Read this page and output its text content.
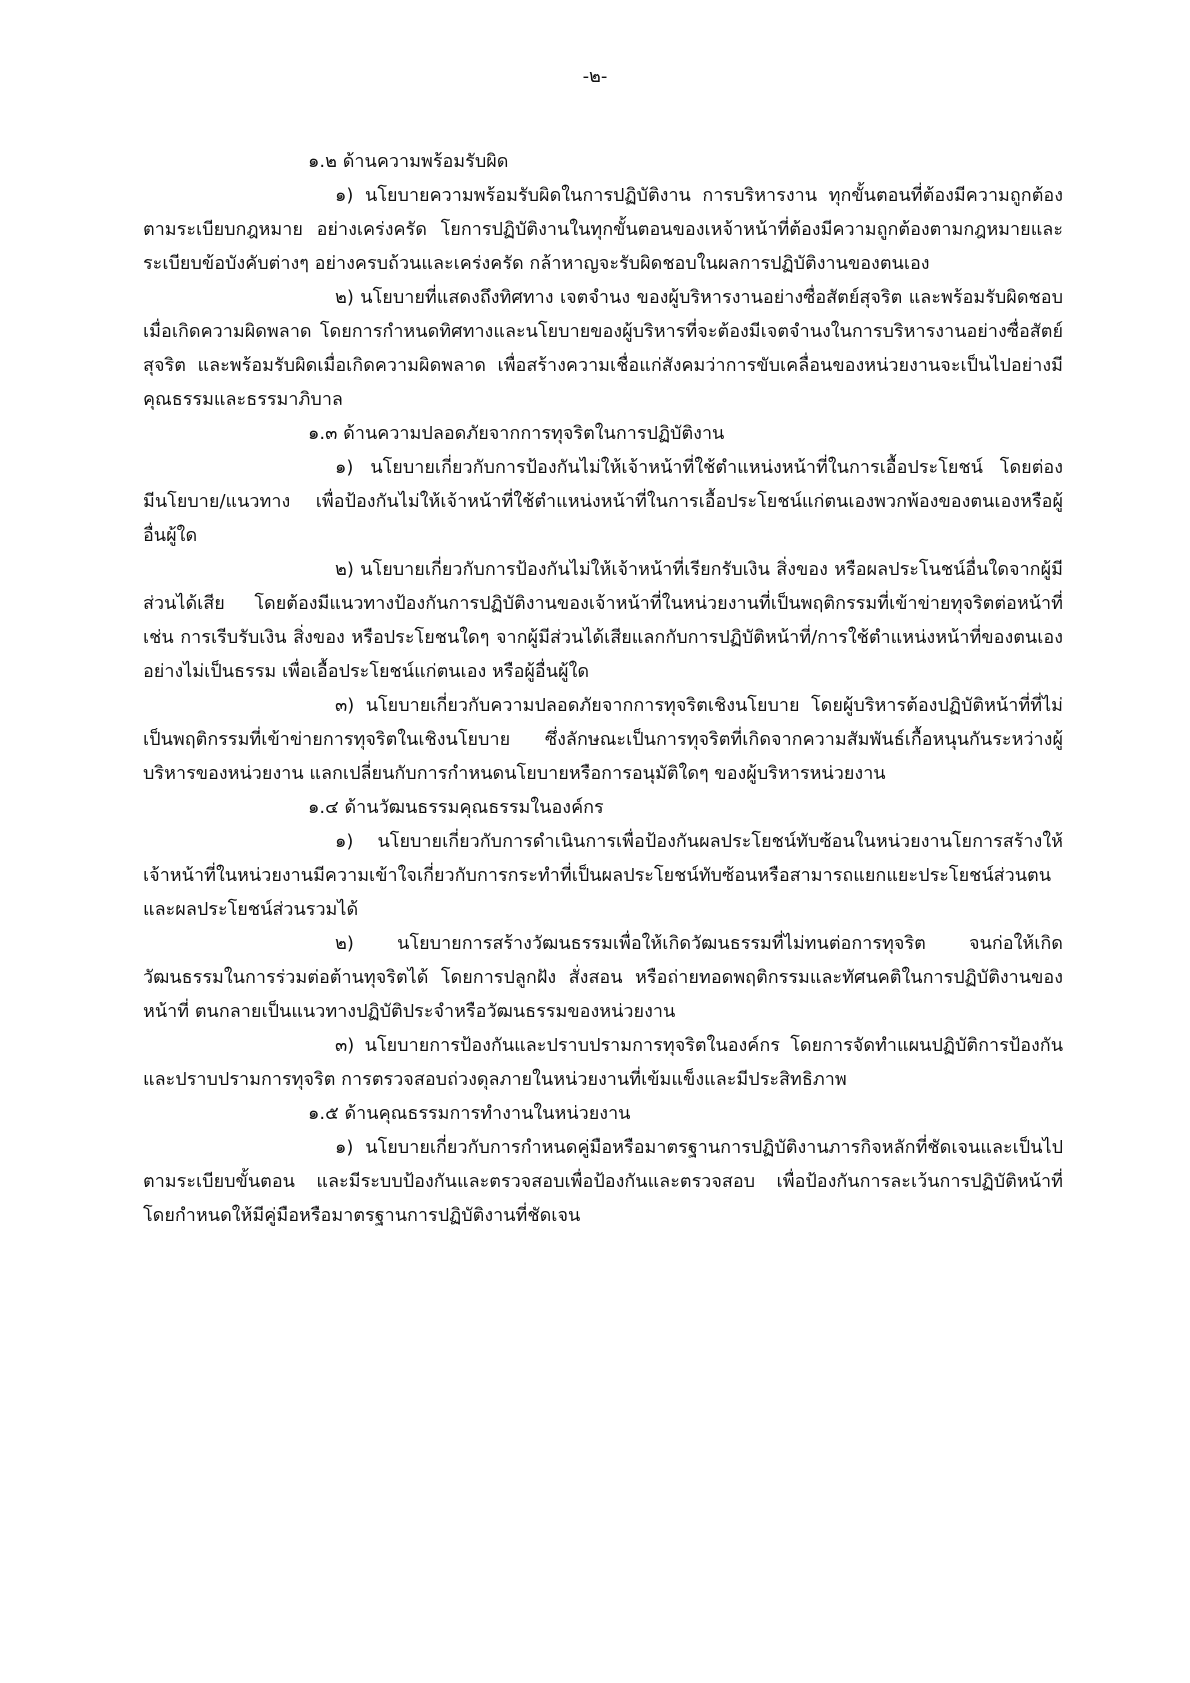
-๒-

๑.๒ ด้านความพร้อมรับผิด

๑) นโยบายความพร้อมรับผิดในการปฏิบัติงาน การบริหารงาน ทุกขั้นตอนที่ต้องมีความถูกต้อง ตามระเบียบกฎหมาย อย่างเคร่งครัด โยการปฏิบัติงานในทุกขั้นตอนของเหจ้าหน้าที่ต้องมีความถูกต้องตามกฎหมายและระเบียบข้อบังคับต่างๆ อย่างครบถ้วนและเคร่งครัด กล้าหาญจะรับผิดชอบในผลการปฏิบัติงานของตนเอง

๒) นโยบายที่แสดงถึงทิศทาง เจตจำนง ของผู้บริหารงานอย่างซื่อสัตย์สุจริต และพร้อมรับผิดชอบเมื่อเกิดความผิดพลาด โดยการกำหนดทิศทางและนโยบายของผู้บริหารที่จะต้องมีเจตจำนงในการบริหารงานอย่างซื่อสัตย์สุจริต และพร้อมรับผิดเมื่อเกิดความผิดพลาด เพื่อสร้างความเชื่อแก่สังคมว่าการขับเคลื่อนของหน่วยงานจะเป็นไปอย่างมีคุณธรรมและธรรมาภิบาล

๑.๓ ด้านความปลอดภัยจากการทุจริตในการปฏิบัติงาน

๑) นโยบายเกี่ยวกับการป้องกันไม่ให้เจ้าหน้าที่ใช้ตำแหน่งหน้าที่ในการเอื้อประโยชน์ โดยต่องมีนโยบาย/แนวทาง เพื่อป้องกันไม่ให้เจ้าหน้าที่ใช้ตำแหน่งหน้าที่ในการเอื้อประโยชน์แก่ตนเองพวกพ้องของตนเองหรือผู้อื่นผู้ใด

๒) นโยบายเกี่ยวกับการป้องกันไม่ให้เจ้าหน้าที่เรียกรับเงิน สิ่งของ หรือผลประโนชน์อื่นใดจากผู้มีส่วนได้เสีย โดยต้องมีแนวทางป้องกันการปฏิบัติงานของเจ้าหน้าที่ในหน่วยงานที่เป็นพฤติกรรมที่เข้าข่ายทุจริตต่อหน้าที่ เช่น การเรีบรับเงิน สิ่งของ หรือประโยชนใดๆ จากผู้มีส่วนได้เสียแลกกับการปฏิบัติหน้าที่/การใช้ตำแหน่งหน้าที่ของตนเองอย่างไม่เป็นธรรม เพื่อเอื้อประโยชน์แก่ตนเอง หรือผู้อื่นผู้ใด

๓) นโยบายเกี่ยวกับความปลอดภัยจากการทุจริตเชิงนโยบาย โดยผู้บริหารต้องปฏิบัติหน้าที่ที่ไม่เป็นพฤติกรรมที่เข้าข่ายการทุจริตในเชิงนโยบาย ซึ่งลักษณะเป็นการทุจริตที่เกิดจากความสัมพันธ์เกื้อหนุนกันระหว่างผู้บริหารของหน่วยงาน แลกเปลี่ยนกับการกำหนดนโยบายหรือการอนุมัติใดๆ ของผู้บริหารหน่วยงาน

๑.๔ ด้านวัฒนธรรมคุณธรรมในองค์กร

๑) นโยบายเกี่ยวกับการดำเนินการเพื่อป้องกันผลประโยชน์ทับซ้อนในหน่วยงานโยการสร้างให้เจ้าหน้าที่ในหน่วยงานมีความเข้าใจเกี่ยวกับการกระทำที่เป็นผลประโยชน์ทับซ้อนหรือสามารถแยกแยะประโยชน์ส่วนตนและผลประโยชน์ส่วนรวมได้

๒) นโยบายการสร้างวัฒนธรรมเพื่อให้เกิดวัฒนธรรมที่ไม่ทนต่อการทุจริต จนก่อให้เกิดวัฒนธรรมในการร่วมต่อต้านทุจริตได้ โดยการปลูกฝัง สั่งสอน หรือถ่ายทอดพฤติกรรมและทัศนคติในการปฏิบัติงานของหน้าที่ ตนกลายเป็นแนวทางปฏิบัติประจำหรือวัฒนธรรมของหน่วยงาน

๓) นโยบายการป้องกันและปราบปรามการทุจริตในองค์กร โดยการจัดทำแผนปฏิบัติการป้องกันและปราบปรามการทุจริต การตรวจสอบถ่วงดุลภายในหน่วยงานที่เข้มแข็งและมีประสิทธิภาพ

๑.๕ ด้านคุณธรรมการทำงานในหน่วยงาน

๑) นโยบายเกี่ยวกับการกำหนดคู่มือหรือมาตรฐานการปฏิบัติงานภารกิจหลักที่ชัดเจนและเป็นไปตามระเบียบขั้นตอน และมีระบบป้องกันและตรวจสอบเพื่อป้องกันและตรวจสอบ เพื่อป้องกันการละเว้นการปฏิบัติหน้าที่ โดยกำหนดให้มีคู่มือหรือมาตรฐานการปฏิบัติงานที่ชัดเจน
